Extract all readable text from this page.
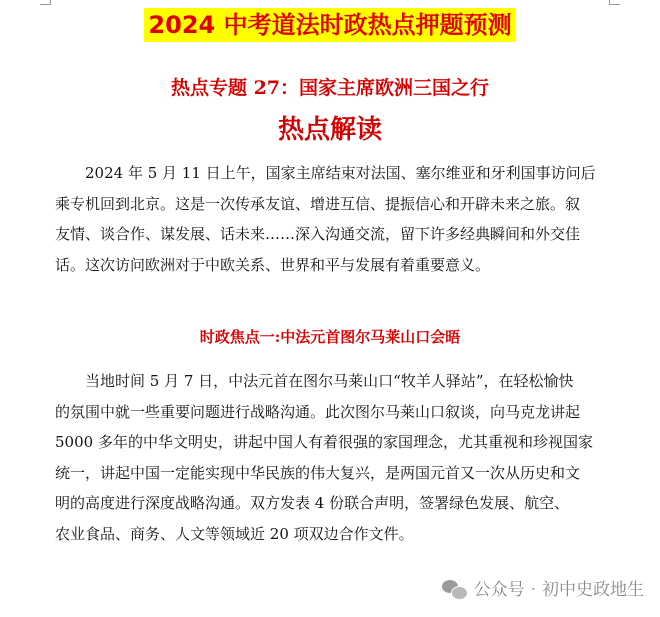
2024 中考道法时政热点押题预测
热点专题 27：国家主席欧洲三国之行
热点解读
2024 年 5 月 11 日上午，国家主席结束对法国、塞尔维亚和牙利国事访问后
乘专机回到北京。这是一次传承友谊、增进互信、提振信心和开辟未来之旅。叙
友情、谈合作、谋发展、话未来……深入沟通交流，留下许多经典瞬间和外交佳
话。这次访问欧洲对于中欧关系、世界和平与发展有着重要意义。
时政焦点一:中法元首图尔马莱山口会晤
当地时间 5 月 7 日，中法元首在图尔马莱山口“牧羊人驿站”，在轻松愉快
的氛围中就一些重要问题进行战略沟通。此次图尔马莱山口叙谈，向马克龙讲起
5000 多年的中华文明史，讲起中国人有着很强的家国理念，尤其重视和珍视国家
统一，讲起中国一定能实现中华民族的伟大复兴，是两国元首又一次从历史和文
明的高度进行深度战略沟通。双方发表 4 份联合声明，签署绿色发展、航空、
农业食品、商务、人文等领域近 20 项双边合作文件。
公众号 · 初中史政地生
